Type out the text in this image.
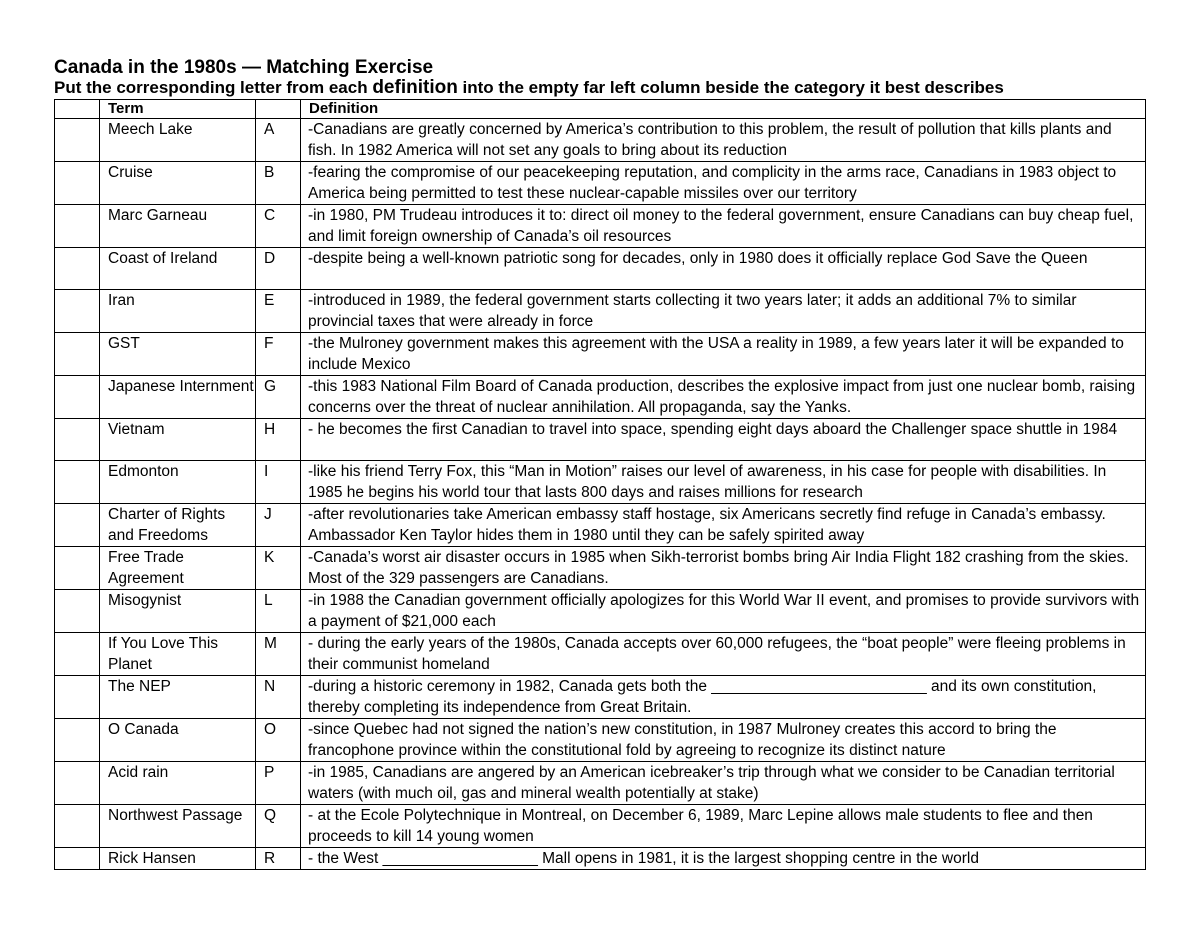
Canada in the 1980s — Matching Exercise

Put the corresponding letter from each definition into the empty far left column beside the category it best describes

	Term		Definition
	Meech Lake	A	-Canadians are greatly concerned by America’s contribution to this problem, the result of pollution that kills plants and fish. In 1982 America will not set any goals to bring about its reduction
	Cruise	B	-fearing the compromise of our peacekeeping reputation, and complicity in the arms race, Canadians in 1983 object to America being permitted to test these nuclear-capable missiles over our territory
	Marc Garneau	C	-in 1980, PM Trudeau introduces it to: direct oil money to the federal government, ensure Canadians can buy cheap fuel, and limit foreign ownership of Canada’s oil resources
	Coast of Ireland	D	-despite being a well-known patriotic song for decades, only in 1980 does it officially replace God Save the Queen
	Iran	E	-introduced in 1989, the federal government starts collecting it two years later; it adds an additional 7% to similar provincial taxes that were already in force
	GST	F	-the Mulroney government makes this agreement with the USA a reality in 1989, a few years later it will be expanded to include Mexico
	Japanese Internment	G	-this 1983 National Film Board of Canada production, describes the explosive impact from just one nuclear bomb, raising concerns over the threat of nuclear annihilation. All propaganda, say the Yanks.
	Vietnam	H	- he becomes the first Canadian to travel into space, spending eight days aboard the Challenger space shuttle in 1984
	Edmonton	I	-like his friend Terry Fox, this “Man in Motion” raises our level of awareness, in his case for people with disabilities. In 1985 he begins his world tour that lasts 800 days and raises millions for research
	Charter of Rights and Freedoms	J	-after revolutionaries take American embassy staff hostage, six Americans secretly find refuge in Canada’s embassy. Ambassador Ken Taylor hides them in 1980 until they can be safely spirited away
	Free Trade Agreement	K	-Canada’s worst air disaster occurs in 1985 when Sikh-terrorist bombs bring Air India Flight 182 crashing from the skies. Most of the 329 passengers are Canadians.
	Misogynist	L	-in 1988 the Canadian government officially apologizes for this World War II event, and promises to provide survivors with a payment of $21,000 each
	If You Love This Planet	M	- during the early years of the 1980s, Canada accepts over 60,000 refugees, the “boat people” were fleeing problems in their communist homeland
	The NEP	N	-during a historic ceremony in 1982, Canada gets both the _________________________ and its own constitution, thereby completing its independence from Great Britain.
	O Canada	O	-since Quebec had not signed the nation’s new constitution, in 1987 Mulroney creates this accord to bring the francophone province within the constitutional fold by agreeing to recognize its distinct nature
	Acid rain	P	-in 1985, Canadians are angered by an American icebreaker’s trip through what we consider to be Canadian territorial waters (with much oil, gas and mineral wealth potentially at stake)
	Northwest Passage	Q	- at the Ecole Polytechnique in Montreal, on December 6, 1989, Marc Lepine allows male students to flee and then proceeds to kill 14 young women
	Rick Hansen	R	- the West __________________ Mall opens in 1981, it is the largest shopping centre in the world
